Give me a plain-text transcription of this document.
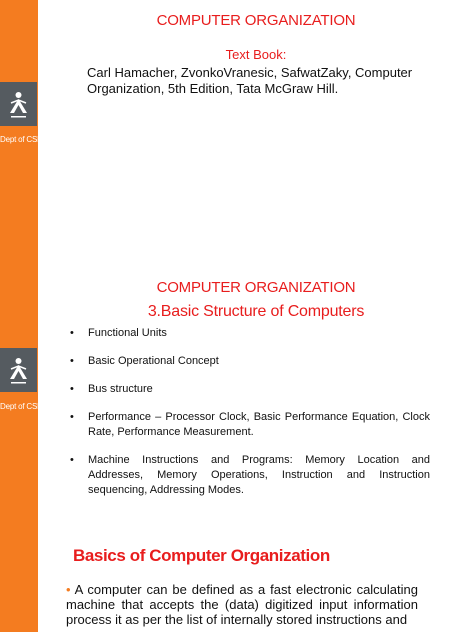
Dept of CSE
COMPUTER ORGANIZATION
Text Book:
Carl Hamacher, ZvonkoVranesic, SafwatZaky, Computer Organization, 5th Edition, Tata McGraw Hill.
Dept of CSE
COMPUTER ORGANIZATION
3.Basic Structure of Computers
• Functional Units
• Basic Operational Concept
• Bus structure
• Performance – Processor Clock, Basic Performance Equation, Clock Rate, Performance Measurement.
• Machine Instructions and Programs: Memory Location and Addresses, Memory Operations, Instruction and Instruction sequencing, Addressing Modes.
Basics of Computer Organization
• A computer can be defined as a fast electronic calculating machine that accepts the (data) digitized input information process it as per the list of internally stored instructions and
